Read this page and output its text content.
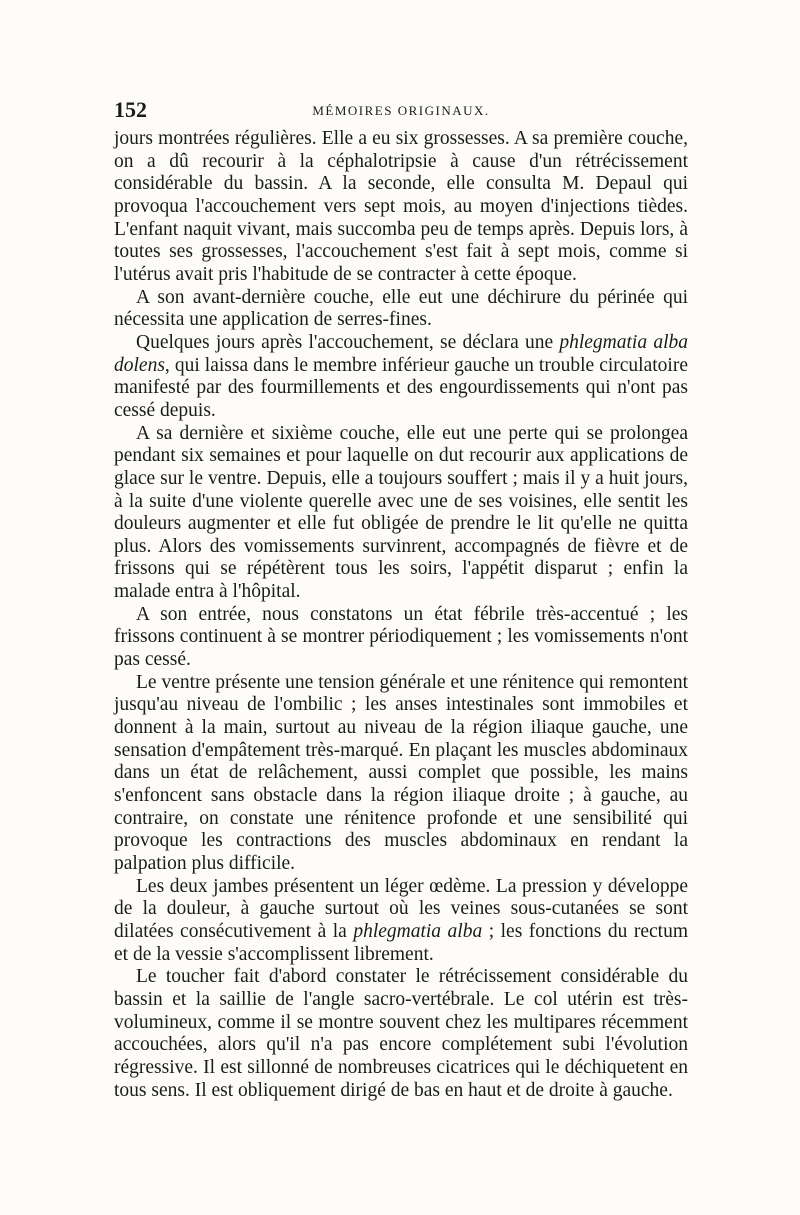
152	MÉMOIRES ORIGINAUX.

jours montrées régulières. Elle a eu six grossesses. A sa première couche, on a dû recourir à la céphalotripsie à cause d'un rétrécissement considérable du bassin. A la seconde, elle consulta M. Depaul qui provoqua l'accouchement vers sept mois, au moyen d'injections tièdes. L'enfant naquit vivant, mais succomba peu de temps après. Depuis lors, à toutes ses grossesses, l'accouchement s'est fait à sept mois, comme si l'utérus avait pris l'habitude de se contracter à cette époque.

A son avant-dernière couche, elle eut une déchirure du périnée qui nécessita une application de serres-fines.

Quelques jours après l'accouchement, se déclara une phlegmatia alba dolens, qui laissa dans le membre inférieur gauche un trouble circulatoire manifesté par des fourmillements et des engourdissements qui n'ont pas cessé depuis.

A sa dernière et sixième couche, elle eut une perte qui se prolongea pendant six semaines et pour laquelle on dut recourir aux applications de glace sur le ventre. Depuis, elle a toujours souffert ; mais il y a huit jours, à la suite d'une violente querelle avec une de ses voisines, elle sentit les douleurs augmenter et elle fut obligée de prendre le lit qu'elle ne quitta plus. Alors des vomissements survinrent, accompagnés de fièvre et de frissons qui se répétèrent tous les soirs, l'appétit disparut ; enfin la malade entra à l'hôpital.

A son entrée, nous constatons un état fébrile très-accentué ; les frissons continuent à se montrer périodiquement ; les vomissements n'ont pas cessé.

Le ventre présente une tension générale et une rénitence qui remontent jusqu'au niveau de l'ombilic ; les anses intestinales sont immobiles et donnent à la main, surtout au niveau de la région iliaque gauche, une sensation d'empâtement très-marqué. En plaçant les muscles abdominaux dans un état de relâchement, aussi complet que possible, les mains s'enfoncent sans obstacle dans la région iliaque droite ; à gauche, au contraire, on constate une rénitence profonde et une sensibilité qui provoque les contractions des muscles abdominaux en rendant la palpation plus difficile.

Les deux jambes présentent un léger œdème. La pression y développe de la douleur, à gauche surtout où les veines sous-cutanées se sont dilatées consécutivement à la phlegmatia alba ; les fonctions du rectum et de la vessie s'accomplissent librement.

Le toucher fait d'abord constater le rétrécissement considérable du bassin et la saillie de l'angle sacro-vertébrale. Le col utérin est très-volumineux, comme il se montre souvent chez les multipares récemment accouchées, alors qu'il n'a pas encore complétement subi l'évolution régressive. Il est sillonné de nombreuses cicatrices qui le déchiquetent en tous sens. Il est obliquement dirigé de bas en haut et de droite à gauche.
